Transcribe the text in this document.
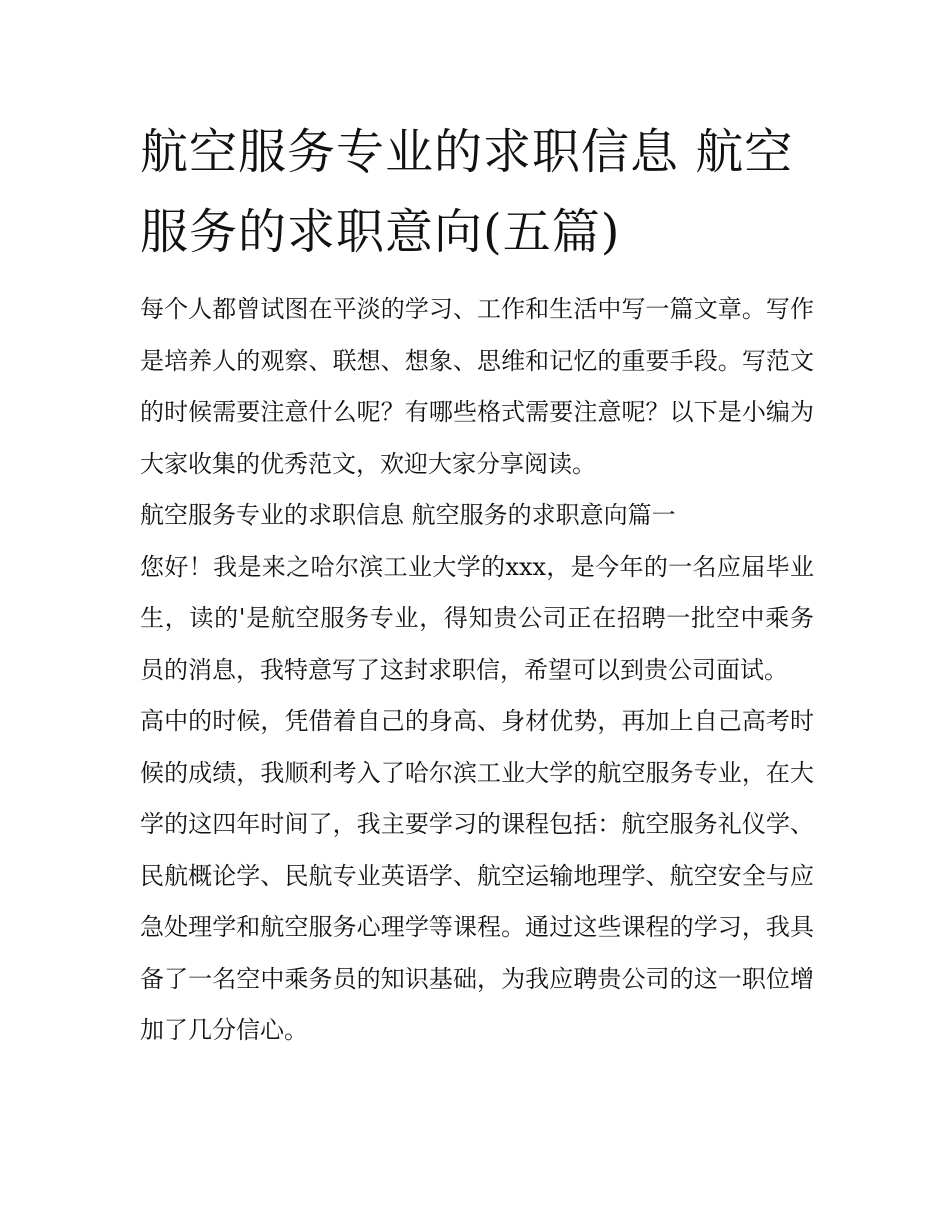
航空服务专业的求职信息 航空服务的求职意向(五篇)

每个人都曾试图在平淡的学习、工作和生活中写一篇文章。写作是培养人的观察、联想、想象、思维和记忆的重要手段。写范文的时候需要注意什么呢？有哪些格式需要注意呢？以下是小编为大家收集的优秀范文，欢迎大家分享阅读。

航空服务专业的求职信息 航空服务的求职意向篇一

您好！我是来之哈尔滨工业大学的xxx，是今年的一名应届毕业生，读的'是航空服务专业，得知贵公司正在招聘一批空中乘务员的消息，我特意写了这封求职信，希望可以到贵公司面试。

高中的时候，凭借着自己的身高、身材优势，再加上自己高考时候的成绩，我顺利考入了哈尔滨工业大学的航空服务专业，在大学的这四年时间了，我主要学习的课程包括：航空服务礼仪学、民航概论学、民航专业英语学、航空运输地理学、航空安全与应急处理学和航空服务心理学等课程。通过这些课程的学习，我具备了一名空中乘务员的知识基础，为我应聘贵公司的这一职位增加了几分信心。
